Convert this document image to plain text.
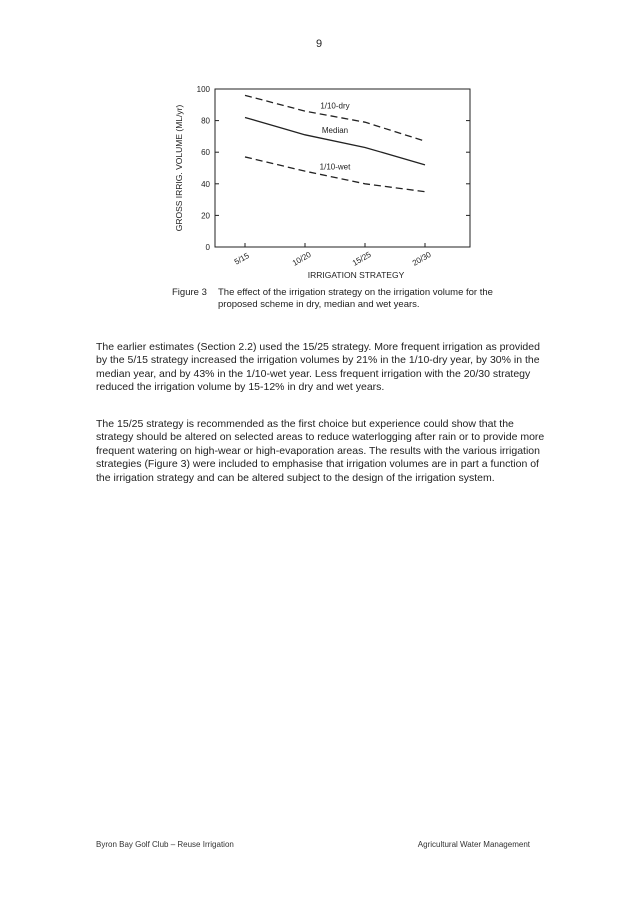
9
0
20
40
60
80
100
5/15	10/20	15/25	20/30
1/10-dry
Median
1/10-wet
GROSS IRRIG. VOLUME (ML/yr)
IRRIGATION STRATEGY
Figure 3 The effect of the irrigation strategy on the irrigation volume for the proposed scheme in dry, median and wet years.

The earlier estimates (Section 2.2) used the 15/25 strategy. More frequent irrigation as provided by the 5/15 strategy increased the irrigation volumes by 21% in the 1/10-dry year, by 30% in the median year, and by 43% in the 1/10-wet year. Less frequent irrigation with the 20/30 strategy reduced the irrigation volume by 15-12% in dry and wet years.

The 15/25 strategy is recommended as the first choice but experience could show that the strategy should be altered on selected areas to reduce waterlogging after rain or to provide more frequent watering on high-wear or high-evaporation areas. The results with the various irrigation strategies (Figure 3) were included to emphasise that irrigation volumes are in part a function of the irrigation strategy and can be altered subject to the design of the irrigation system.

Byron Bay Golf Club – Reuse Irrigation	Agricultural Water Management
